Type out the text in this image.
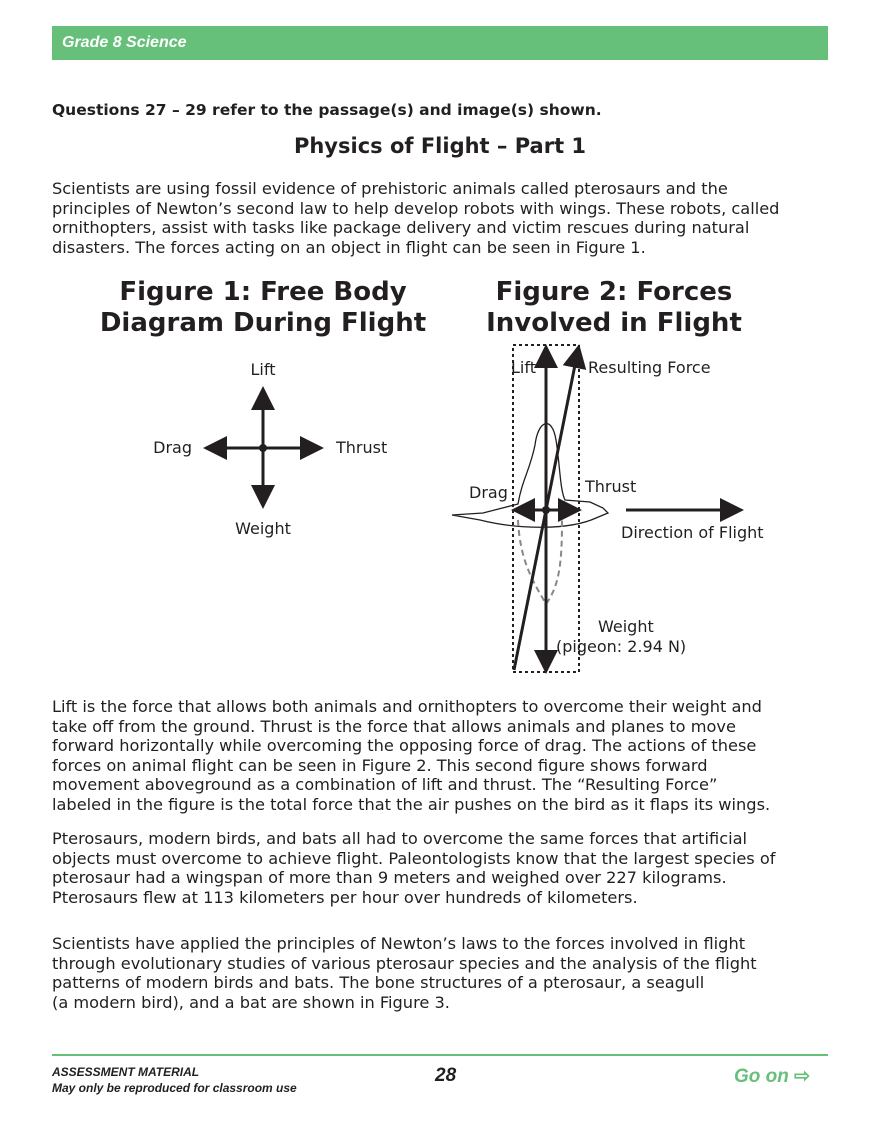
Grade 8 Science
Questions 27 – 29 refer to the passage(s) and image(s) shown.
Physics of Flight – Part 1
Scientists are using fossil evidence of prehistoric animals called pterosaurs and the
principles of Newton’s second law to help develop robots with wings. These robots, called
ornithopters, assist with tasks like package delivery and victim rescues during natural
disasters. The forces acting on an object in flight can be seen in Figure 1.
Figure 1: Free Body
Diagram During Flight
Figure 2: Forces
Involved in Flight
Lift
Drag	Thrust
Weight
Lift	Resulting Force
Drag	Thrust
Direction of Flight
Weight
(pigeon: 2.94 N)
Lift is the force that allows both animals and ornithopters to overcome their weight and
take off from the ground. Thrust is the force that allows animals and planes to move
forward horizontally while overcoming the opposing force of drag. The actions of these
forces on animal flight can be seen in Figure 2. This second figure shows forward
movement aboveground as a combination of lift and thrust. The “Resulting Force”
labeled in the figure is the total force that the air pushes on the bird as it flaps its wings.
Pterosaurs, modern birds, and bats all had to overcome the same forces that artificial
objects must overcome to achieve flight. Paleontologists know that the largest species of
pterosaur had a wingspan of more than 9 meters and weighed over 227 kilograms.
Pterosaurs flew at 113 kilometers per hour over hundreds of kilometers.
Scientists have applied the principles of Newton’s laws to the forces involved in flight
through evolutionary studies of various pterosaur species and the analysis of the flight
patterns of modern birds and bats. The bone structures of a pterosaur, a seagull
(a modern bird), and a bat are shown in Figure 3.
ASSESSMENT MATERIAL
May only be reproduced for classroom use
28	Go on ⇨
